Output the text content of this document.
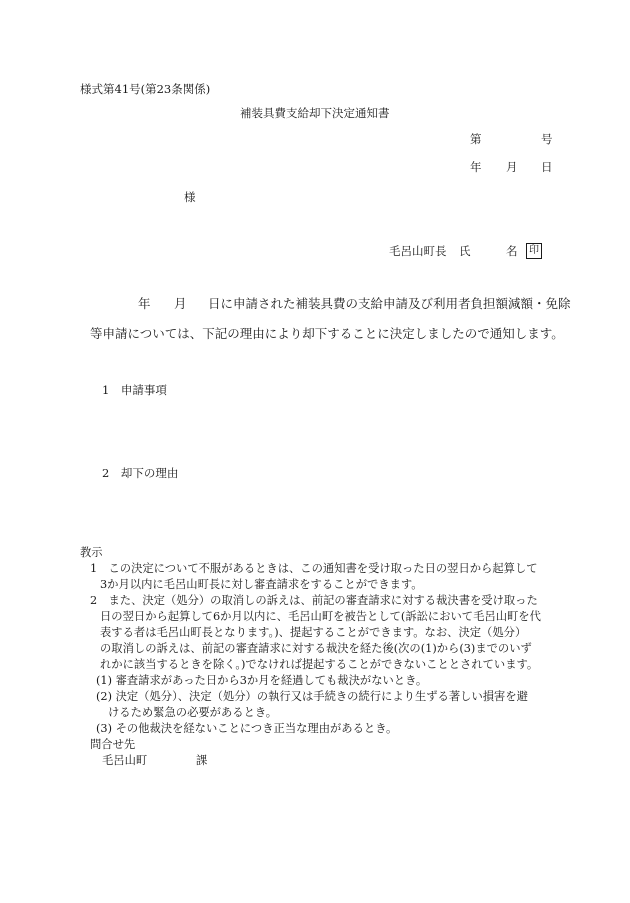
様式第41号(第23条関係)
補装具費支給却下決定通知書
第	号
年 月 日
様
毛呂山町長 氏	名	印
年 月 日に申請された補装具費の支給申請及び利用者負担額減額・免除
等申請については、下記の理由により却下することに決定しましたので通知します。
1　申請事項
2　却下の理由
教示
1　この決定について不服があるときは、この通知書を受け取った日の翌日から起算して
3か月以内に毛呂山町長に対し審査請求をすることができます。
2　また、決定（処分）の取消しの訴えは、前記の審査請求に対する裁決書を受け取った
日の翌日から起算して6か月以内に、毛呂山町を被告として(訴訟において毛呂山町を代
表する者は毛呂山町長となります。)、提起することができます。なお、決定（処分）
の取消しの訴えは、前記の審査請求に対する裁決を経た後(次の(1)から(3)までのいず
れかに該当するときを除く。)でなければ提起することができないこととされています。
(1) 審査請求があった日から3か月を経過しても裁決がないとき。
(2) 決定（処分）、決定（処分）の執行又は手続きの続行により生ずる著しい損害を避
けるため緊急の必要があるとき。
(3) その他裁決を経ないことにつき正当な理由があるとき。
問合せ先
毛呂山町	課
